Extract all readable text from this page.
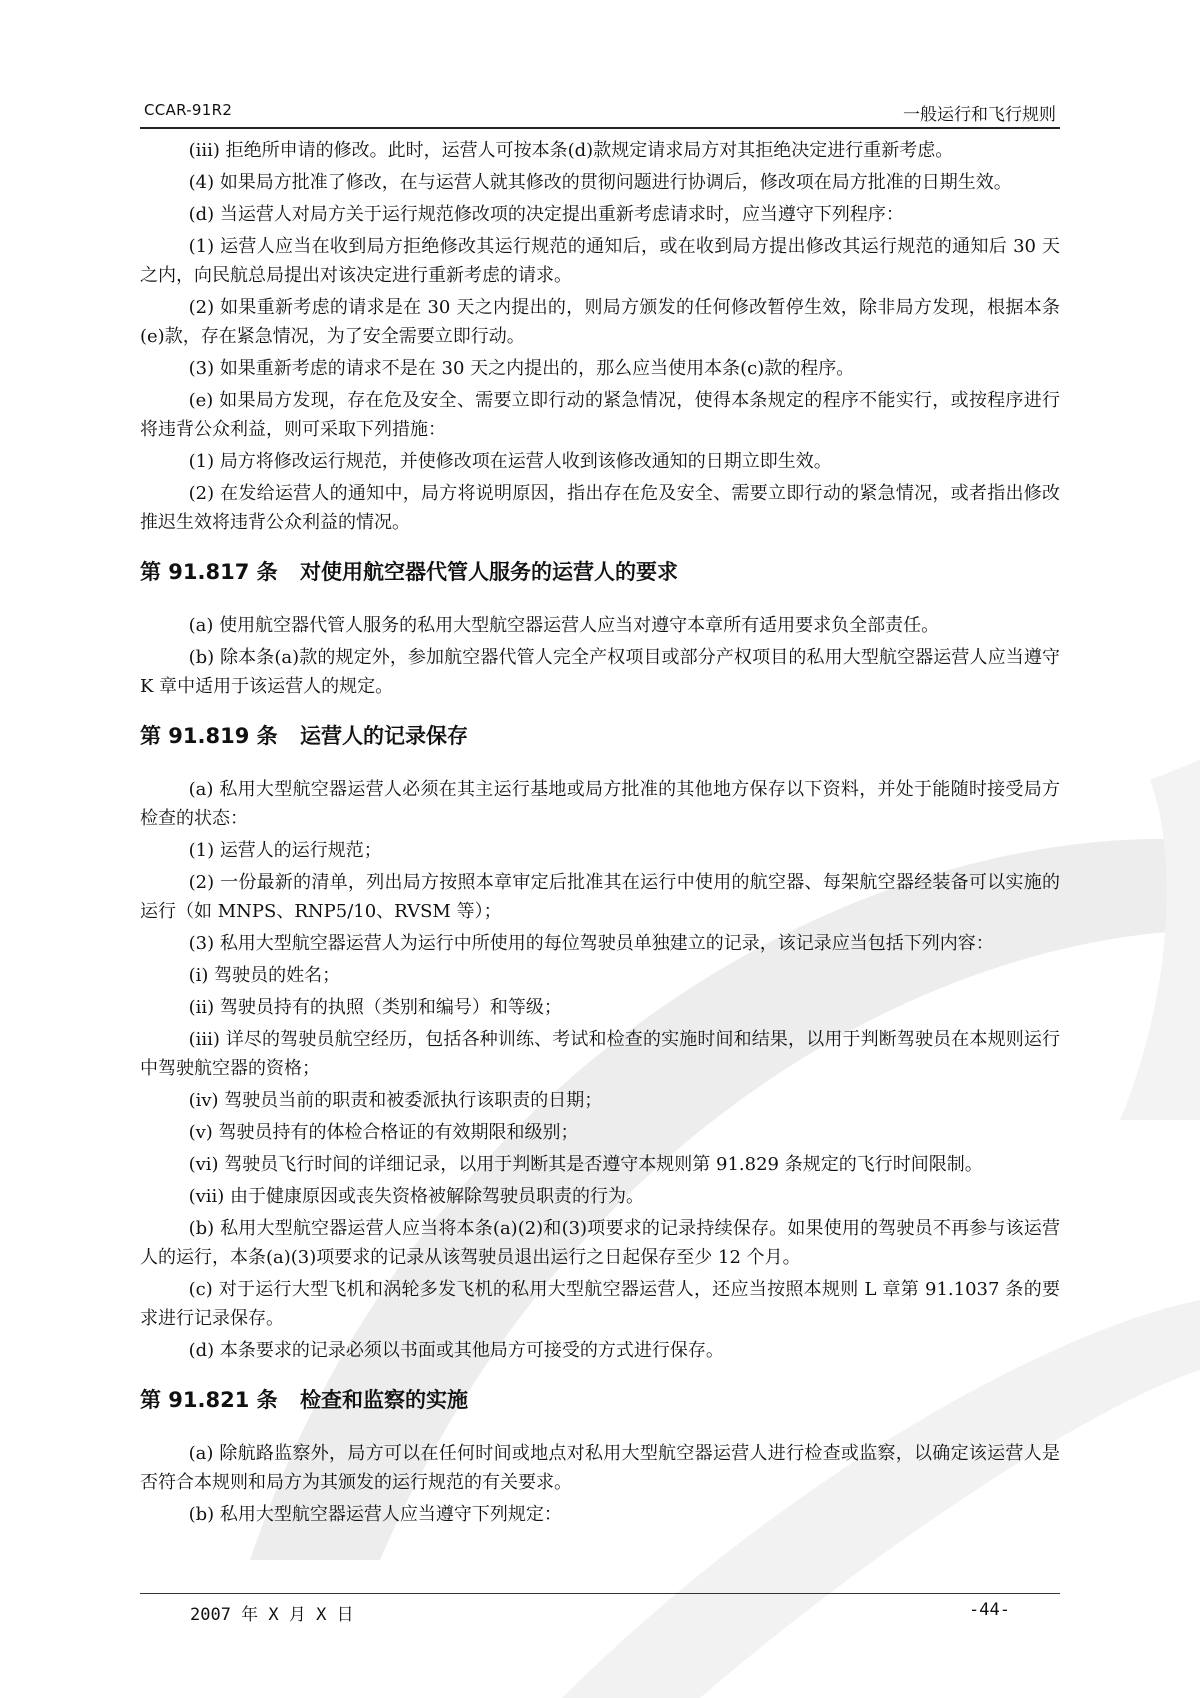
CCAR-91R2	一般运行和飞行规则

(iii) 拒绝所申请的修改。此时，运营人可按本条(d)款规定请求局方对其拒绝决定进行重新考虑。

(4) 如果局方批准了修改，在与运营人就其修改的贯彻问题进行协调后，修改项在局方批准的日期生效。

(d) 当运营人对局方关于运行规范修改项的决定提出重新考虑请求时，应当遵守下列程序：

(1) 运营人应当在收到局方拒绝修改其运行规范的通知后，或在收到局方提出修改其运行规范的通知后 30 天之内，向民航总局提出对该决定进行重新考虑的请求。

(2) 如果重新考虑的请求是在 30 天之内提出的，则局方颁发的任何修改暂停生效，除非局方发现，根据本条(e)款，存在紧急情况，为了安全需要立即行动。

(3) 如果重新考虑的请求不是在 30 天之内提出的，那么应当使用本条(c)款的程序。

(e) 如果局方发现，存在危及安全、需要立即行动的紧急情况，使得本条规定的程序不能实行，或按程序进行将违背公众利益，则可采取下列措施：

(1) 局方将修改运行规范，并使修改项在运营人收到该修改通知的日期立即生效。

(2) 在发给运营人的通知中，局方将说明原因，指出存在危及安全、需要立即行动的紧急情况，或者指出修改推迟生效将违背公众利益的情况。

第 91.817 条 对使用航空器代管人服务的运营人的要求

(a) 使用航空器代管人服务的私用大型航空器运营人应当对遵守本章所有适用要求负全部责任。

(b) 除本条(a)款的规定外，参加航空器代管人完全产权项目或部分产权项目的私用大型航空器运营人应当遵守 K 章中适用于该运营人的规定。

第 91.819 条 运营人的记录保存

(a) 私用大型航空器运营人必须在其主运行基地或局方批准的其他地方保存以下资料，并处于能随时接受局方检查的状态：

(1) 运营人的运行规范；

(2) 一份最新的清单，列出局方按照本章审定后批准其在运行中使用的航空器、每架航空器经装备可以实施的运行（如 MNPS、RNP5/10、RVSM 等）；

(3) 私用大型航空器运营人为运行中所使用的每位驾驶员单独建立的记录，该记录应当包括下列内容：

(i) 驾驶员的姓名；

(ii) 驾驶员持有的执照（类别和编号）和等级；

(iii) 详尽的驾驶员航空经历，包括各种训练、考试和检查的实施时间和结果，以用于判断驾驶员在本规则运行中驾驶航空器的资格；

(iv) 驾驶员当前的职责和被委派执行该职责的日期；

(v) 驾驶员持有的体检合格证的有效期限和级别；

(vi) 驾驶员飞行时间的详细记录，以用于判断其是否遵守本规则第 91.829 条规定的飞行时间限制。

(vii) 由于健康原因或丧失资格被解除驾驶员职责的行为。

(b) 私用大型航空器运营人应当将本条(a)(2)和(3)项要求的记录持续保存。如果使用的驾驶员不再参与该运营人的运行，本条(a)(3)项要求的记录从该驾驶员退出运行之日起保存至少 12 个月。

(c) 对于运行大型飞机和涡轮多发飞机的私用大型航空器运营人，还应当按照本规则 L 章第 91.1037 条的要求进行记录保存。

(d) 本条要求的记录必须以书面或其他局方可接受的方式进行保存。

第 91.821 条 检查和监察的实施

(a) 除航路监察外，局方可以在任何时间或地点对私用大型航空器运营人进行检查或监察，以确定该运营人是否符合本规则和局方为其颁发的运行规范的有关要求。

(b) 私用大型航空器运营人应当遵守下列规定：

2007 年 X 月 X 日	-44-
